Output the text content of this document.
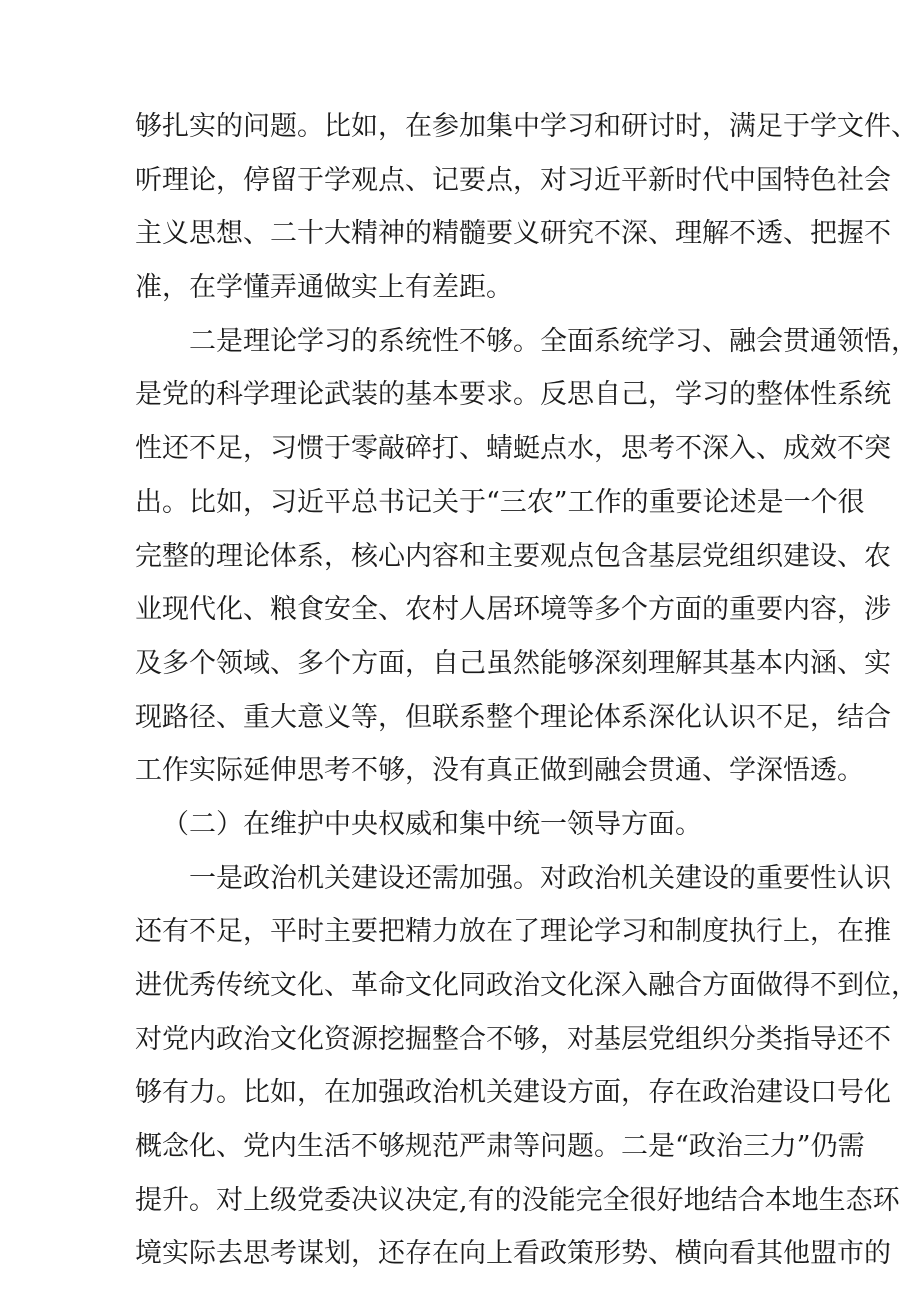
够扎实的问题。比如，在参加集中学习和研讨时，满足于学文件、
听理论，停留于学观点、记要点，对习近平新时代中国特色社会
主义思想、二十大精神的精髓要义研究不深、理解不透、把握不
准，在学懂弄通做实上有差距。
二是理论学习的系统性不够。全面系统学习、融会贯通领悟，
是党的科学理论武装的基本要求。反思自己，学习的整体性系统
性还不足，习惯于零敲碎打、蜻蜓点水，思考不深入、成效不突
出。比如，习近平总书记关于“三农”工作的重要论述是一个很
完整的理论体系，核心内容和主要观点包含基层党组织建设、农
业现代化、粮食安全、农村人居环境等多个方面的重要内容，涉
及多个领域、多个方面，自己虽然能够深刻理解其基本内涵、实
现路径、重大意义等，但联系整个理论体系深化认识不足，结合
工作实际延伸思考不够，没有真正做到融会贯通、学深悟透。
（二）在维护中央权威和集中统一领导方面。
一是政治机关建设还需加强。对政治机关建设的重要性认识
还有不足，平时主要把精力放在了理论学习和制度执行上，在推
进优秀传统文化、革命文化同政治文化深入融合方面做得不到位，
对党内政治文化资源挖掘整合不够，对基层党组织分类指导还不
够有力。比如，在加强政治机关建设方面，存在政治建设口号化
概念化、党内生活不够规范严肃等问题。二是“政治三力”仍需
提升。对上级党委决议决定,有的没能完全很好地结合本地生态环
境实际去思考谋划，还存在向上看政策形势、横向看其他盟市的
